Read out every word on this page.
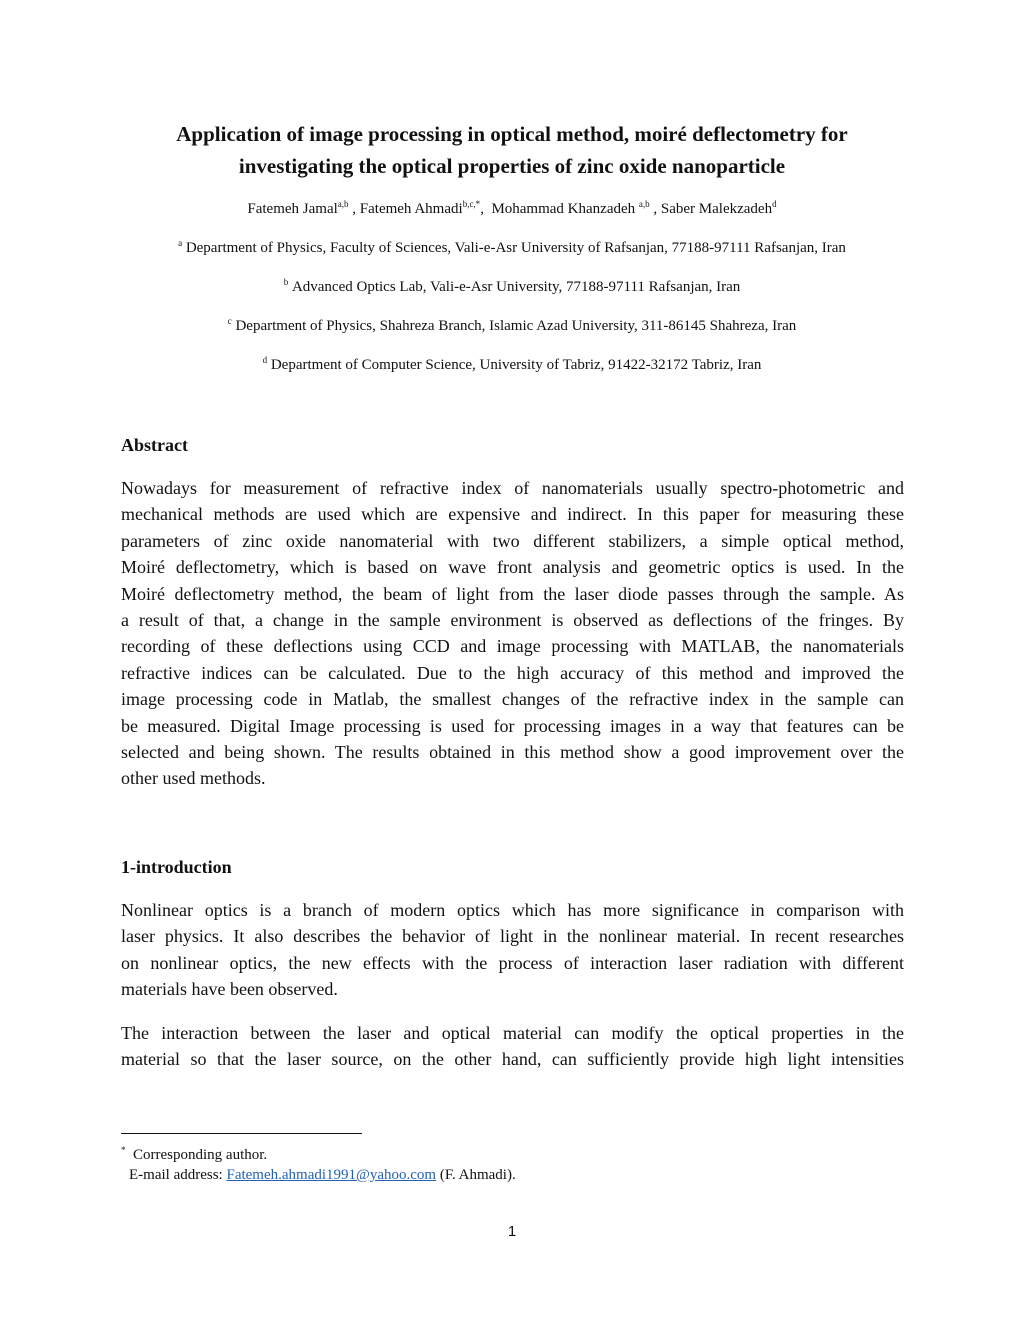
Application of image processing in optical method, moiré deflectometry for
investigating the optical properties of zinc oxide nanoparticle
Fatemeh Jamal$^{a,b}$ , Fatemeh Ahmadi$^{b,c,*}$,  Mohammad Khanzadeh $^{a,b}$ , Saber Malekzadeh$^d$
$^a$ Department of Physics, Faculty of Sciences, Vali-e-Asr University of Rafsanjan, 77188-97111 Rafsanjan, Iran
$^b$ Advanced Optics Lab, Vali-e-Asr University, 77188-97111 Rafsanjan, Iran
$^c$ Department of Physics, Shahreza Branch, Islamic Azad University, 311-86145 Shahreza, Iran
$^d$ Department of Computer Science, University of Tabriz, 91422-32172 Tabriz, Iran
Abstract
Nowadays for measurement of refractive index of nanomaterials usually spectro-photometric and
mechanical methods are used which are expensive and indirect. In this paper for measuring these
parameters of zinc oxide nanomaterial with two different stabilizers, a simple optical method,
Moiré deflectometry, which is based on wave front analysis and geometric optics is used. In the
Moiré deflectometry method, the beam of light from the laser diode passes through the sample. As
a result of that, a change in the sample environment is observed as deflections of the fringes. By
recording of these deflections using CCD and image processing with MATLAB, the nanomaterials
refractive indices can be calculated. Due to the high accuracy of this method and improved the
image processing code in Matlab, the smallest changes of the refractive index in the sample can
be measured. Digital Image processing is used for processing images in a way that features can be
selected and being shown. The results obtained in this method show a good improvement over the
other used methods.
1-introduction
Nonlinear optics is a branch of modern optics which has more significance in comparison with
laser physics. It also describes the behavior of light in the nonlinear material. In recent researches
on nonlinear optics, the new effects with the process of interaction laser radiation with different
materials have been observed.
The interaction between the laser and optical material can modify the optical properties in the
material so that the laser source, on the other hand, can sufficiently provide high light intensities
* Corresponding author.
E-mail address: Fatemeh.ahmadi1991@yahoo.com (F. Ahmadi).
1
